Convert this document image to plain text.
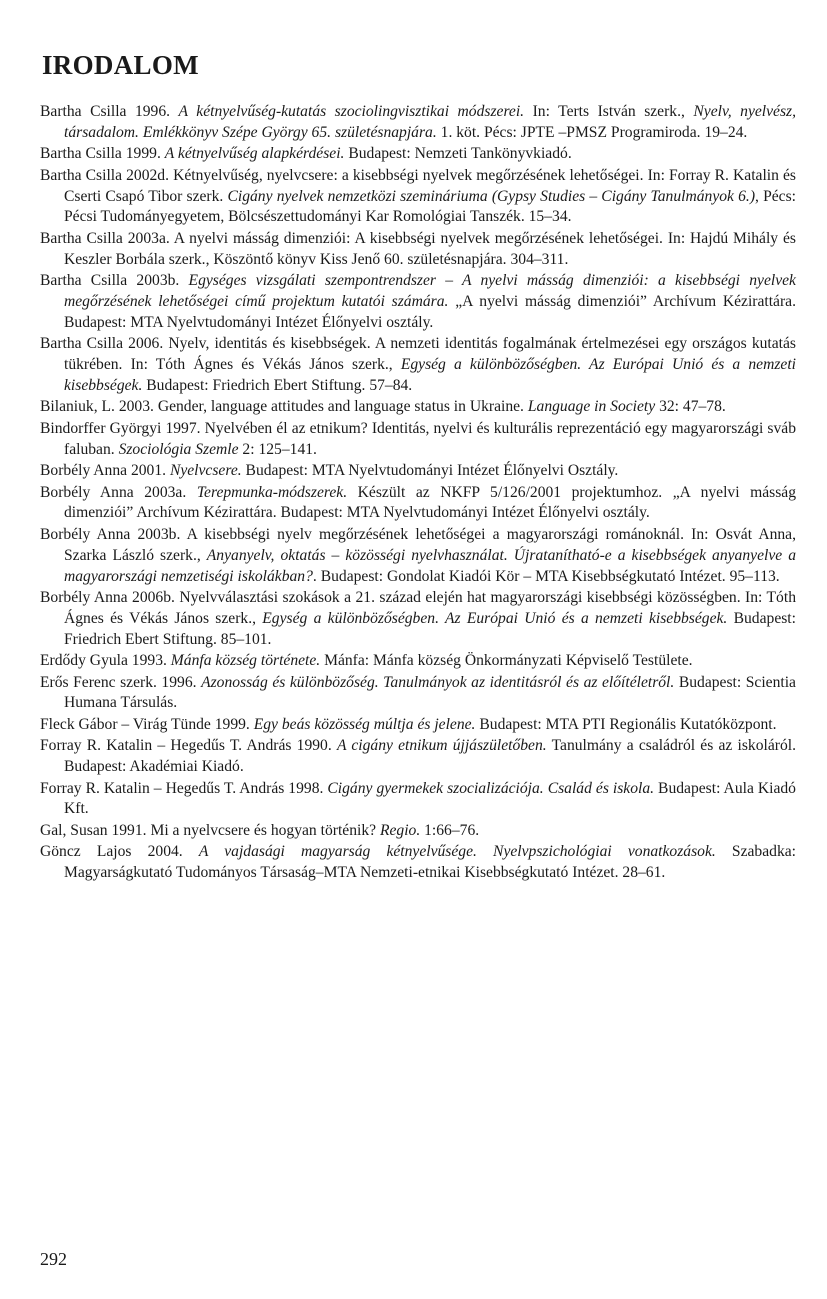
IRODALOM

Bartha Csilla 1996. A kétnyelvűség-kutatás szociolingvisztikai módszerei. In: Terts István szerk., Nyelv, nyelvész, társadalom. Emlékkönyv Szépe György 65. születésnapjára. 1. köt. Pécs: JPTE –PMSZ Programiroda. 19–24.

Bartha Csilla 1999. A kétnyelvűség alapkérdései. Budapest: Nemzeti Tankönyvkiadó.

Bartha Csilla 2002d. Kétnyelvűség, nyelvcsere: a kisebbségi nyelvek megőrzésének lehetőségei. In: Forray R. Katalin és Cserti Csapó Tibor szerk. Cigány nyelvek nemzetközi szemináriuma (Gypsy Studies – Cigány Tanulmányok 6.), Pécs: Pécsi Tudományegyetem, Bölcsészettudományi Kar Romológiai Tanszék. 15–34.

Bartha Csilla 2003a. A nyelvi másság dimenziói: A kisebbségi nyelvek megőrzésének lehetőségei. In: Hajdú Mihály és Keszler Borbála szerk., Köszöntő könyv Kiss Jenő 60. születésnapjára. 304–311.

Bartha Csilla 2003b. Egységes vizsgálati szempontrendszer – A nyelvi másság dimenziói: a kisebbségi nyelvek megőrzésének lehetőségei című projektum kutatói számára. „A nyelvi másság dimenziói” Archívum Kézirattára. Budapest: MTA Nyelvtudományi Intézet Élőnyelvi osztály.

Bartha Csilla 2006. Nyelv, identitás és kisebbségek. A nemzeti identitás fogalmának értelmezései egy országos kutatás tükrében. In: Tóth Ágnes és Vékás János szerk., Egység a különbözőségben. Az Európai Unió és a nemzeti kisebbségek. Budapest: Friedrich Ebert Stiftung. 57–84.

Bilaniuk, L. 2003. Gender, language attitudes and language status in Ukraine. Language in Society 32: 47–78.

Bindorffer Györgyi 1997. Nyelvében él az etnikum? Identitás, nyelvi és kulturális reprezentáció egy magyarországi sváb faluban. Szociológia Szemle 2: 125–141.

Borbély Anna 2001. Nyelvcsere. Budapest: MTA Nyelvtudományi Intézet Élőnyelvi Osztály.

Borbély Anna 2003a. Terepmunka-módszerek. Készült az NKFP 5/126/2001 projektumhoz. „A nyelvi másság dimenziói” Archívum Kézirattára. Budapest: MTA Nyelvtudományi Intézet Élőnyelvi osztály.

Borbély Anna 2003b. A kisebbségi nyelv megőrzésének lehetőségei a magyarországi románoknál. In: Osvát Anna, Szarka László szerk., Anyanyelv, oktatás – közösségi nyelvhasználat. Újratanítható-e a kisebbségek anyanyelve a magyarországi nemzetiségi iskolákban?. Budapest: Gondolat Kiadói Kör – MTA Kisebbségkutató Intézet. 95–113.

Borbély Anna 2006b. Nyelvválasztási szokások a 21. század elején hat magyarországi kisebbségi közösségben. In: Tóth Ágnes és Vékás János szerk., Egység a különbözőségben. Az Európai Unió és a nemzeti kisebbségek. Budapest: Friedrich Ebert Stiftung. 85–101.

Erdődy Gyula 1993. Mánfa község története. Mánfa: Mánfa község Önkormányzati Képviselő Testülete.

Erős Ferenc szerk. 1996. Azonosság és különbözőség. Tanulmányok az identitásról és az előítéletről. Budapest: Scientia Humana Társulás.

Fleck Gábor – Virág Tünde 1999. Egy beás közösség múltja és jelene. Budapest: MTA PTI Regionális Kutatóközpont.

Forray R. Katalin – Hegedűs T. András 1990. A cigány etnikum újjászületőben. Tanulmány a családról és az iskoláról. Budapest: Akadémiai Kiadó.

Forray R. Katalin – Hegedűs T. András 1998. Cigány gyermekek szocializációja. Család és iskola. Budapest: Aula Kiadó Kft.

Gal, Susan 1991. Mi a nyelvcsere és hogyan történik? Regio. 1:66–76.

Göncz Lajos 2004. A vajdasági magyarság kétnyelvűsége. Nyelvpszichológiai vonatkozások. Szabadka: Magyarságkutató Tudományos Társaság–MTA Nemzeti-etnikai Kisebbségkutató Intézet. 28–61.

292
